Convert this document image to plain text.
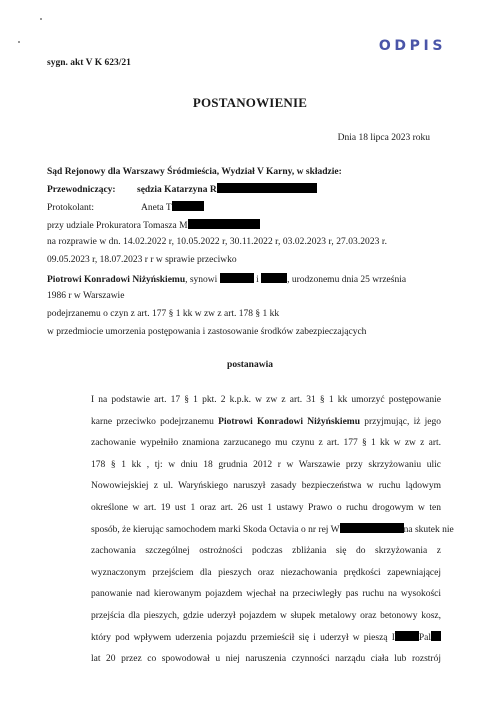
sygn. akt V K 623/21
ODPIS
POSTANOWIENIE
Dnia 18 lipca 2023 roku
Sąd Rejonowy dla Warszawy Śródmieścia, Wydział V Karny, w składzie:
Przewodniczący: sędzia Katarzyna R
Protokolant:	Aneta T
przy udziale Prokuratora Tomasza M
na rozprawie w dn. 14.02.2022 r, 10.05.2022 r, 30.11.2022 r, 03.02.2023 r, 27.03.2023 r.
09.05.2023 r, 18.07.2023 r r w sprawie przeciwko
Piotrowi Konradowi Niżyńskiemu, synowi	i	, urodzonemu dnia 25 września
1986 r w Warszawie
podejrzanemu o czyn z art. 177 § 1 kk w zw z art. 178 § 1 kk
w przedmiocie umorzenia postępowania i zastosowanie środków zabezpieczających
postanawia
I na podstawie art. 17 § 1 pkt. 2 k.p.k. w zw z art. 31 § 1 kk umorzyć postępowanie
karne przeciwko podejrzanemu Piotrowi Konradowi Niżyńskiemu przyjmując, iż jego
zachowanie wypełniło znamiona zarzucanego mu czynu z art. 177 § 1 kk w zw z art.
178 § 1 kk , tj: w dniu 18 grudnia 2012 r w Warszawie przy skrzyżowaniu ulic
Nowowiejskiej z ul. Waryńskiego naruszył zasady bezpieczeństwa w ruchu lądowym
określone w art. 19 ust 1 oraz art. 26 ust 1 ustawy Prawo o ruchu drogowym w ten
sposób, że kierując samochodem marki Skoda Octavia o nr rej W	na skutek nie
zachowania szczególnej ostrożności podczas zbliżania się do skrzyżowania z
wyznaczonym przejściem dla pieszych oraz niezachowania prędkości zapewniającej
panowanie nad kierowanym pojazdem wjechał na przeciwległy pas ruchu na wysokości
przejścia dla pieszych, gdzie uderzył pojazdem w słupek metalowy oraz betonowy kosz,
który pod wpływem uderzenia pojazdu przemieścił się i uderzył w pieszą I	Pal
lat 20 przez co spowodował u niej naruszenia czynności narządu ciała lub rozstrój
